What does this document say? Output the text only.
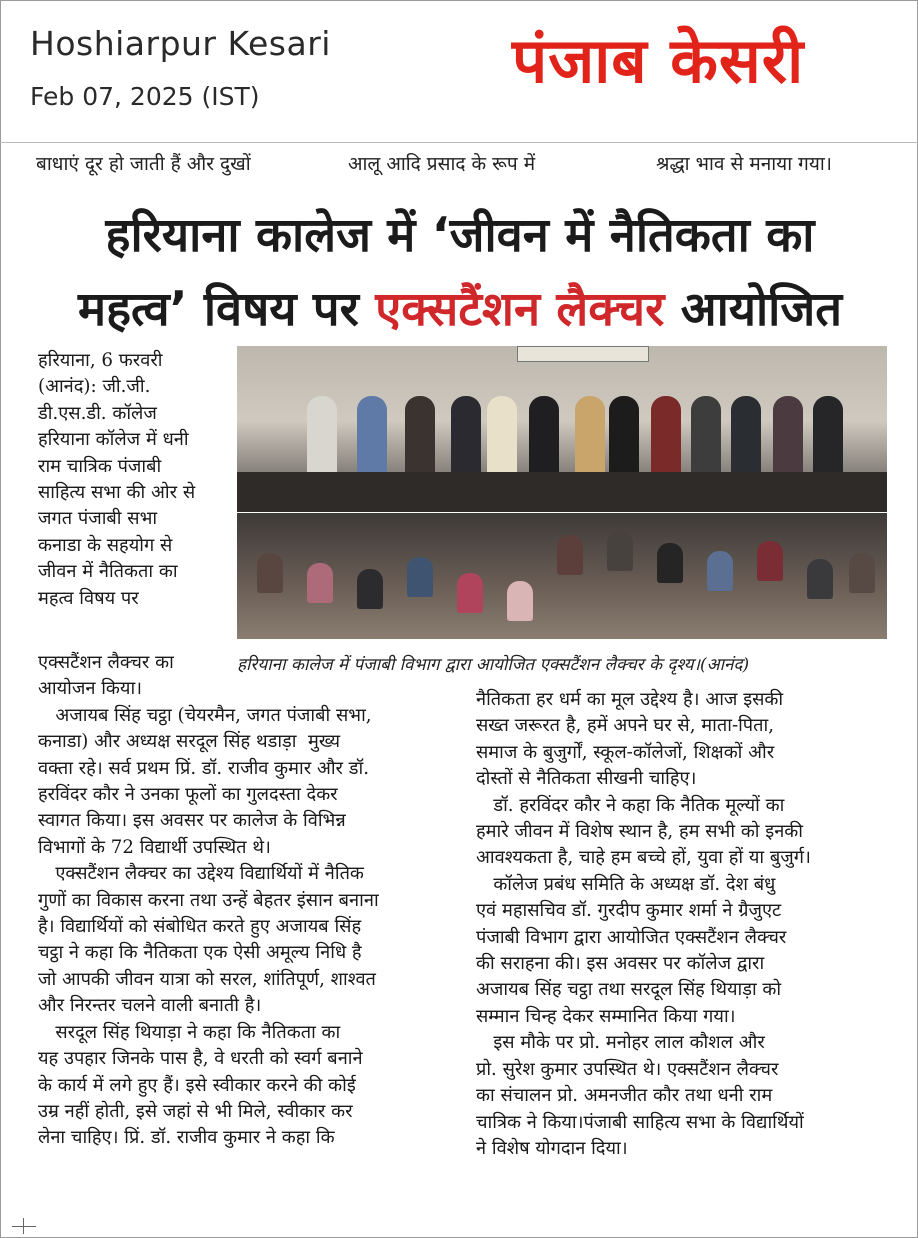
Hoshiarpur Kesari
Feb 07, 2025 (IST)	पंजाब केसरी
बाधाएं दूर हो जाती हैं और दुखों	आलू आदि प्रसाद के रूप में	श्रद्धा भाव से मनाया गया।
हरियाना कालेज में ‘जीवन में नैतिकता का
महत्व’ विषय पर एक्सटैंशन लैक्चर आयोजित
हरियाना कालेज में पंजाबी विभाग द्वारा आयोजित एक्सटैंशन लैक्चर के दृश्य।(आनंद)
हरियाना, 6 फरवरी
(आनंद): जी.जी.
डी.एस.डी. कॉलेज
हरियाना कॉलेज में धनी
राम चात्रिक पंजाबी
साहित्य सभा की ओर से
जगत पंजाबी सभा
कनाडा के सहयोग से
जीवन में नैतिकता का
महत्व विषय पर
एक्सटैंशन लैक्चर का
आयोजन किया।
अजायब सिंह चट्ठा (चेयरमैन, जगत पंजाबी सभा,
कनाडा) और अध्यक्ष सरदूल सिंह थडाड़ा  मुख्य
वक्ता रहे। सर्व प्रथम प्रिं. डॉ. राजीव कुमार और डॉ.
हरविंदर कौर ने उनका फूलों का गुलदस्ता देकर
स्वागत किया। इस अवसर पर कालेज के विभिन्न
विभागों के 72 विद्यार्थी उपस्थित थे।
एक्सटैंशन लैक्चर का उद्देश्य विद्यार्थियों में नैतिक
गुणों का विकास करना तथा उन्हें बेहतर इंसान बनाना
है। विद्यार्थियों को संबोधित करते हुए अजायब सिंह
चट्ठा ने कहा कि नैतिकता एक ऐसी अमूल्य निधि है
जो आपकी जीवन यात्रा को सरल, शांतिपूर्ण, शाश्वत
और निरन्तर चलने वाली बनाती है।
सरदूल सिंह थियाड़ा ने कहा कि नैतिकता का
यह उपहार जिनके पास है, वे धरती को स्वर्ग बनाने
के कार्य में लगे हुए हैं। इसे स्वीकार करने की कोई
उम्र नहीं होती, इसे जहां से भी मिले, स्वीकार कर
लेना चाहिए। प्रिं. डॉ. राजीव कुमार ने कहा कि
नैतिकता हर धर्म का मूल उद्देश्य है। आज इसकी
सख्त जरूरत है, हमें अपने घर से, माता-पिता,
समाज के बुजुर्गों, स्कूल-कॉलेजों, शिक्षकों और
दोस्तों से नैतिकता सीखनी चाहिए।
डॉ. हरविंदर कौर ने कहा कि नैतिक मूल्यों का
हमारे जीवन में विशेष स्थान है, हम सभी को इनकी
आवश्यकता है, चाहे हम बच्चे हों, युवा हों या बुजुर्ग।
कॉलेज प्रबंध समिति के अध्यक्ष डॉ. देश बंधु
एवं महासचिव डॉ. गुरदीप कुमार शर्मा ने ग्रैजुएट
पंजाबी विभाग द्वारा आयोजित एक्सटैंशन लैक्चर
की सराहना की। इस अवसर पर कॉलेज द्वारा
अजायब सिंह चट्ठा तथा सरदूल सिंह थियाड़ा को
सम्मान चिन्ह देकर सम्मानित किया गया।
इस मौके पर प्रो. मनोहर लाल कौशल और
प्रो. सुरेश कुमार उपस्थित थे। एक्सटैंशन लैक्चर
का संचालन प्रो. अमनजीत कौर तथा धनी राम
चात्रिक ने किया।पंजाबी साहित्य सभा के विद्यार्थियों
ने विशेष योगदान दिया।
